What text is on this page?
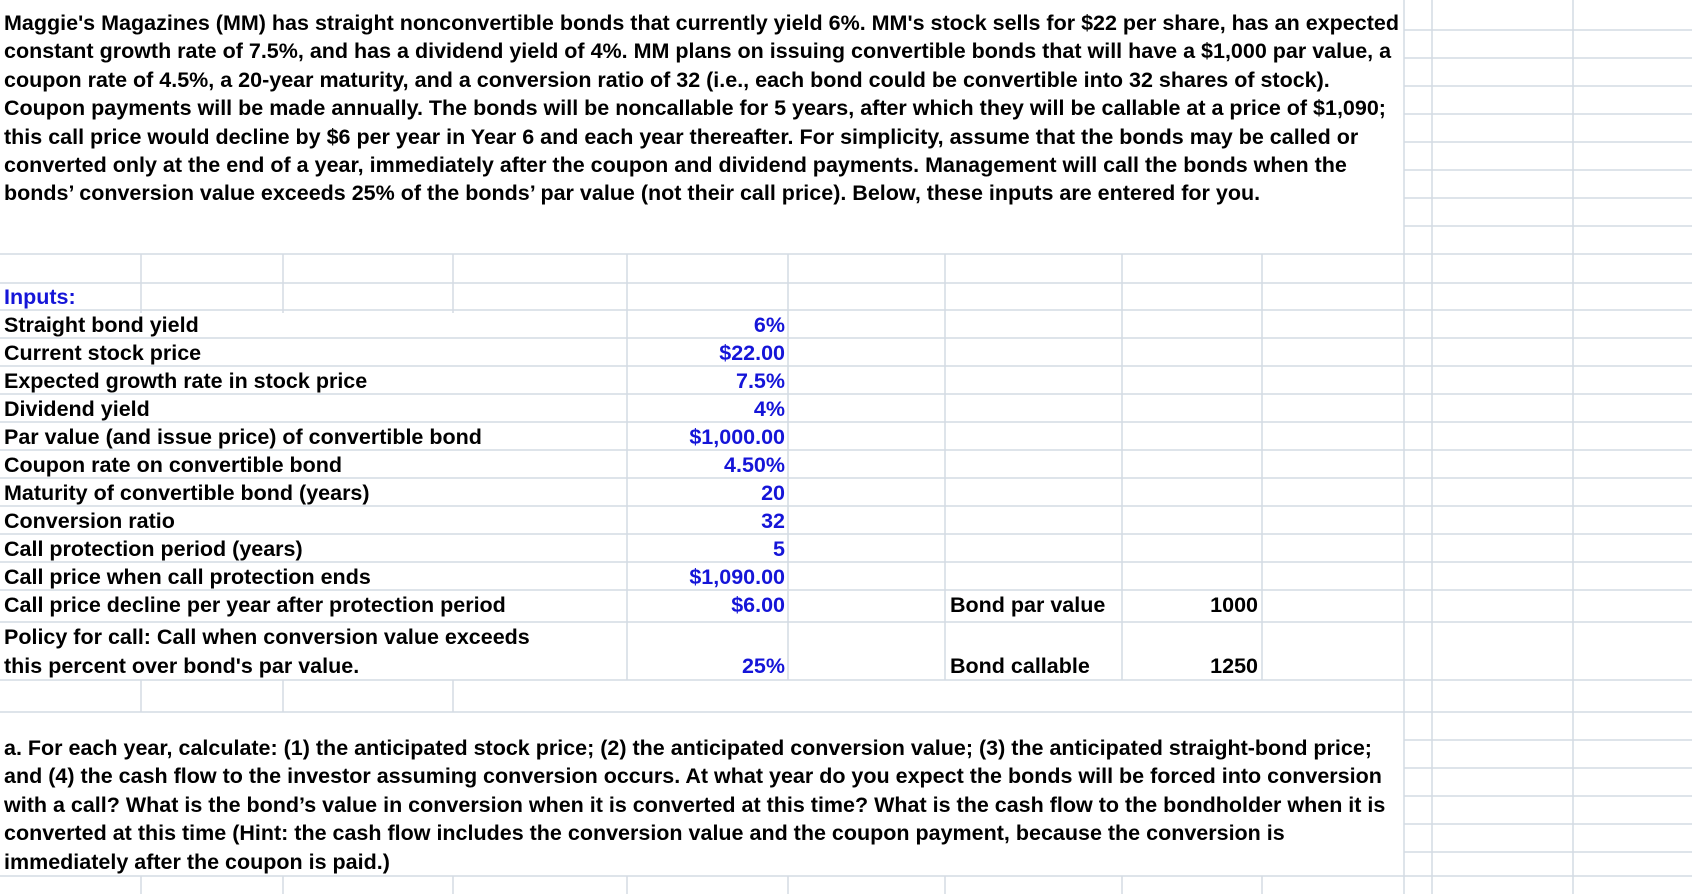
Maggie's Magazines (MM) has straight nonconvertible bonds that currently yield 6%. MM's stock sells for $22 per share, has an expected constant growth rate of 7.5%, and has a dividend yield of 4%. MM plans on issuing convertible bonds that will have a $1,000 par value, a coupon rate of 4.5%, a 20-year maturity, and a conversion ratio of 32 (i.e., each bond could be convertible into 32 shares of stock). Coupon payments will be made annually. The bonds will be noncallable for 5 years, after which they will be callable at a price of $1,090; this call price would decline by $6 per year in Year 6 and each year thereafter. For simplicity, assume that the bonds may be called or converted only at the end of a year, immediately after the coupon and dividend payments. Management will call the bonds when the bonds’ conversion value exceeds 25% of the bonds’ par value (not their call price). Below, these inputs are entered for you.

Inputs:
Straight bond yield	6%
Current stock price	$22.00
Expected growth rate in stock price	7.5%
Dividend yield	4%
Par value (and issue price) of convertible bond	$1,000.00
Coupon rate on convertible bond	4.50%
Maturity of convertible bond (years)	20
Conversion ratio	32
Call protection period (years)	5
Call price when call protection ends	$1,090.00
Call price decline per year after protection period	$6.00
Policy for call: Call when conversion value exceeds
this percent over bond's par value.	25%
Bond par value	1000
Bond callable	1250

a. For each year, calculate: (1) the anticipated stock price; (2) the anticipated conversion value; (3) the anticipated straight-bond price; and (4) the cash flow to the investor assuming conversion occurs. At what year do you expect the bonds will be forced into conversion with a call? What is the bond’s value in conversion when it is converted at this time? What is the cash flow to the bondholder when it is converted at this time (Hint: the cash flow includes the conversion value and the coupon payment, because the conversion is immediately after the coupon is paid.)
